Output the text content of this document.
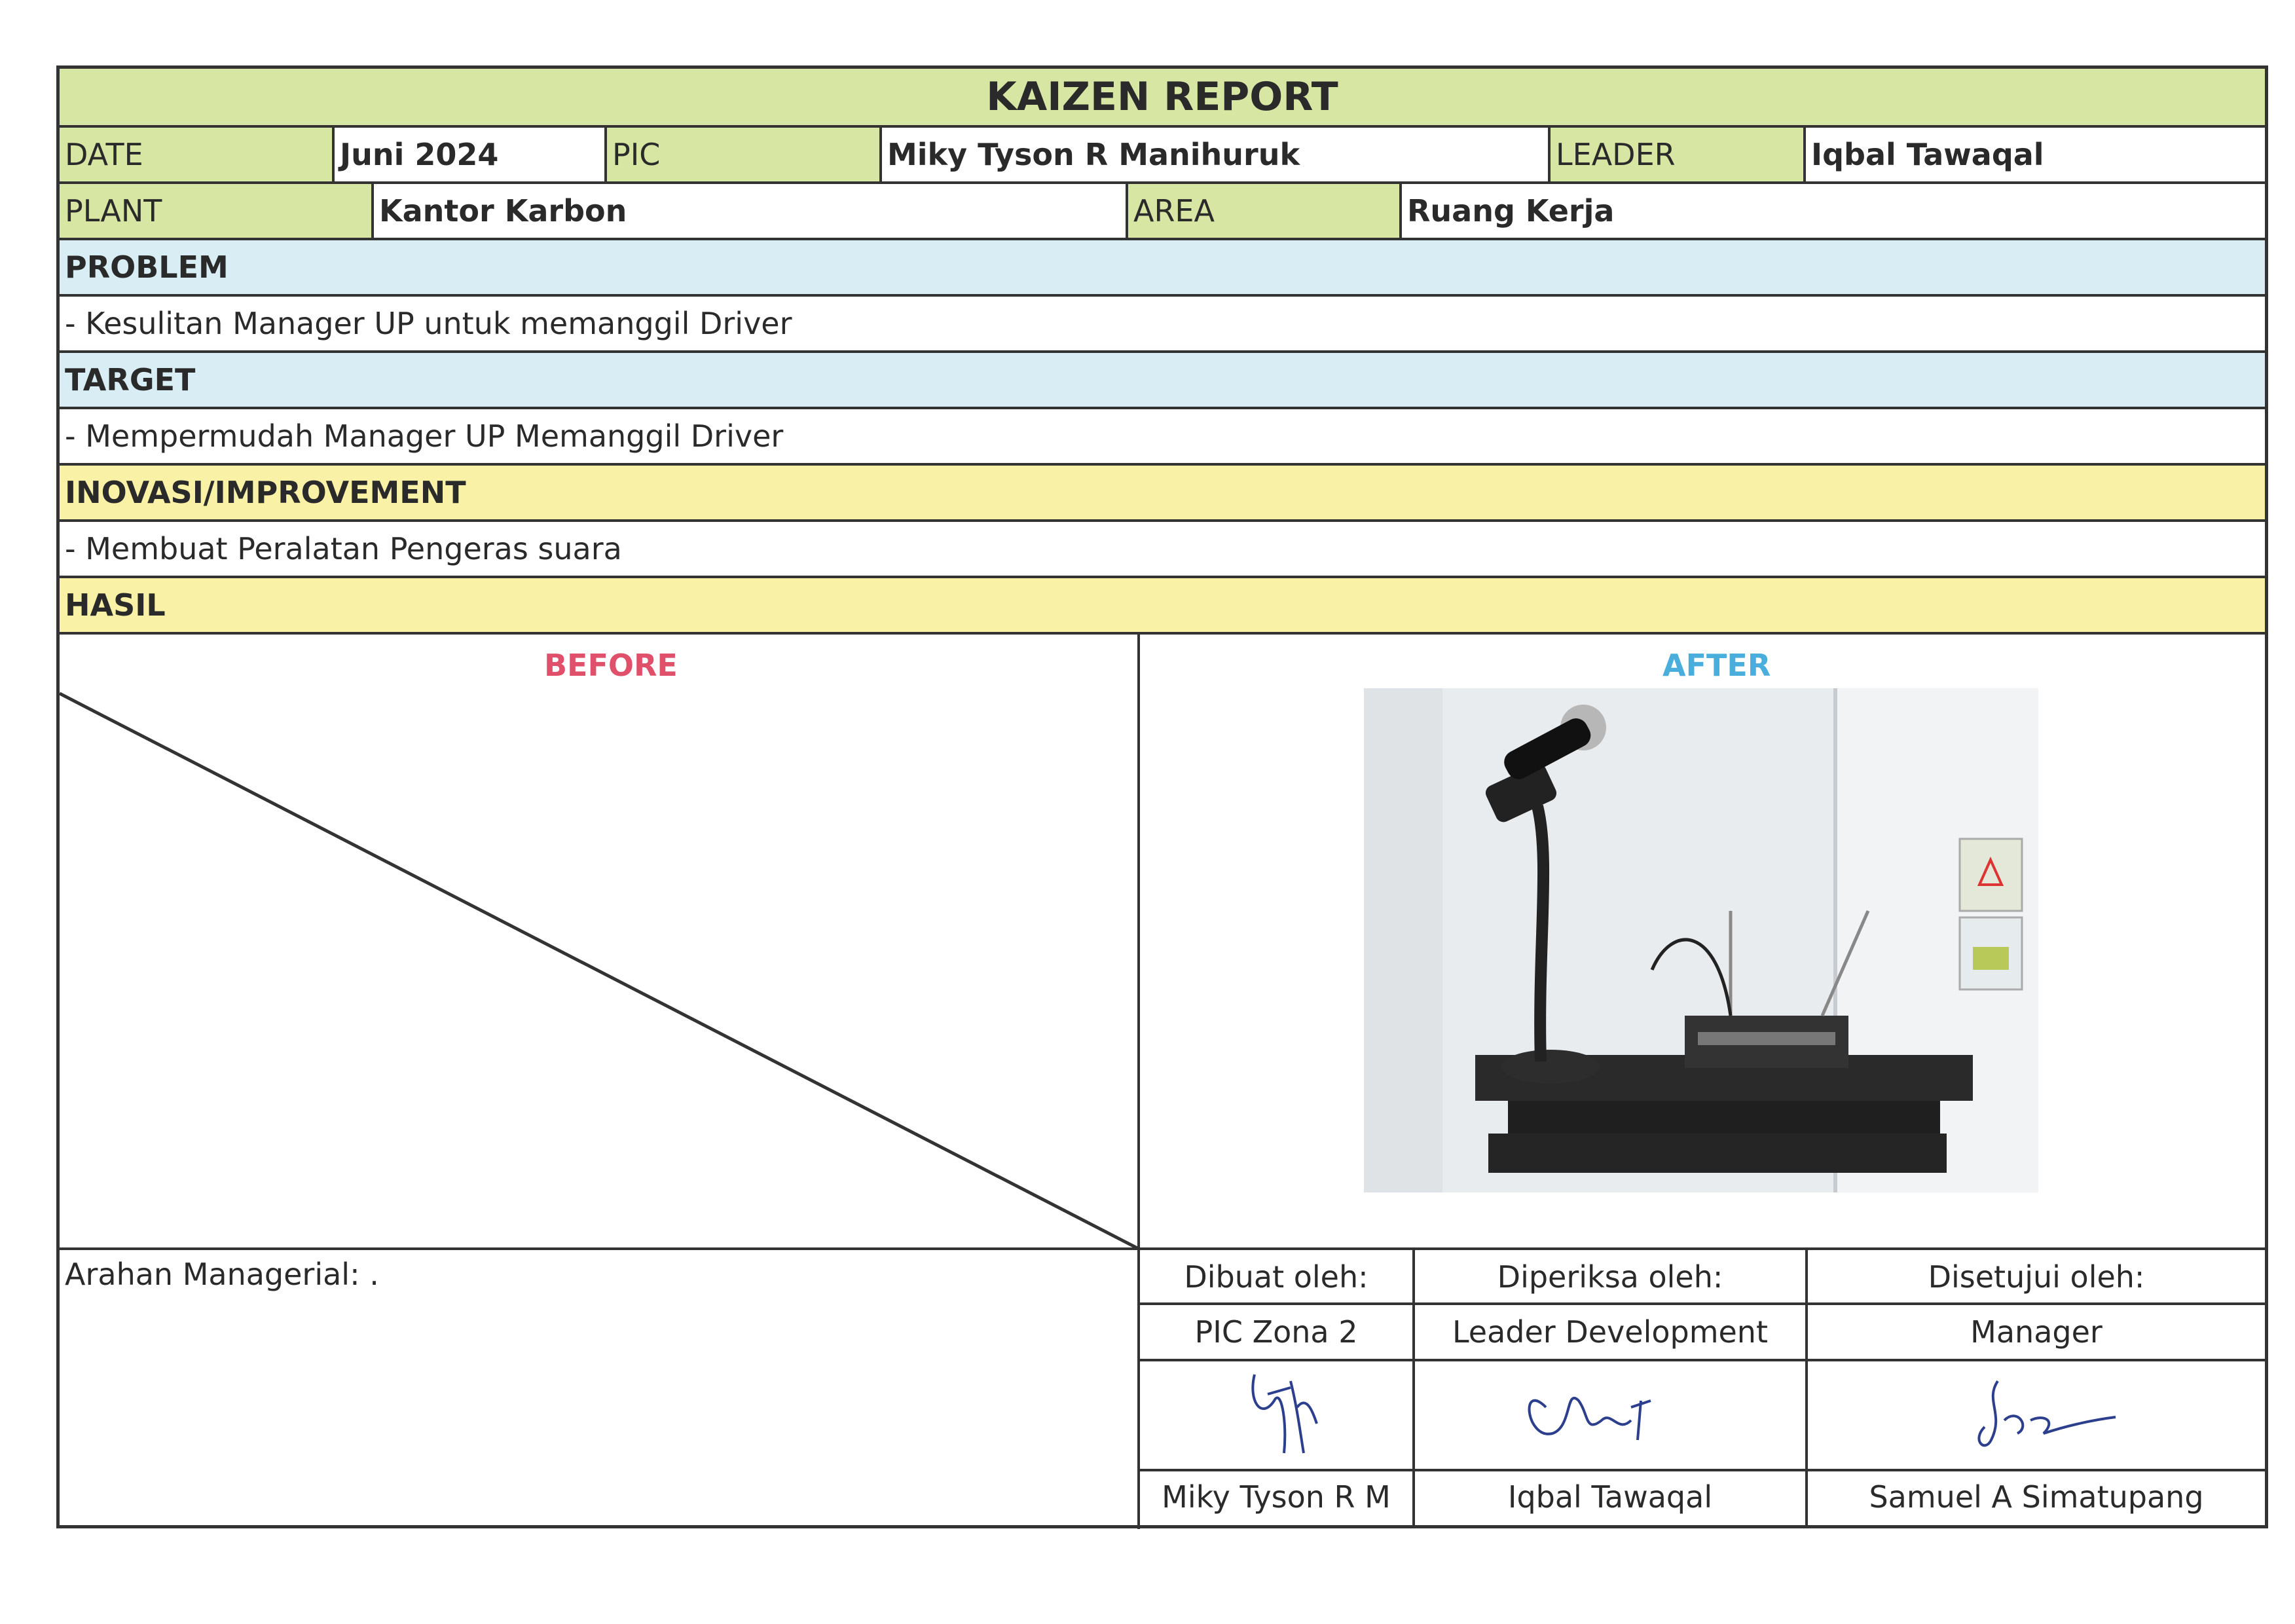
KAIZEN REPORT
DATE	Juni 2024	PIC	Miky Tyson R Manihuruk	LEADER	Iqbal Tawaqal
PLANT	Kantor Karbon	AREA	Ruang Kerja
PROBLEM
- Kesulitan Manager UP untuk memanggil Driver
TARGET
- Mempermudah Manager UP Memanggil Driver
INOVASI/IMPROVEMENT
- Membuat Peralatan Pengeras suara
HASIL
BEFORE	AFTER
Arahan Managerial: .	Dibuat oleh:	Diperiksa oleh:	Disetujui oleh:
PIC Zona 2	Leader Development	Manager
Miky Tyson R M	Iqbal Tawaqal	Samuel A Simatupang
